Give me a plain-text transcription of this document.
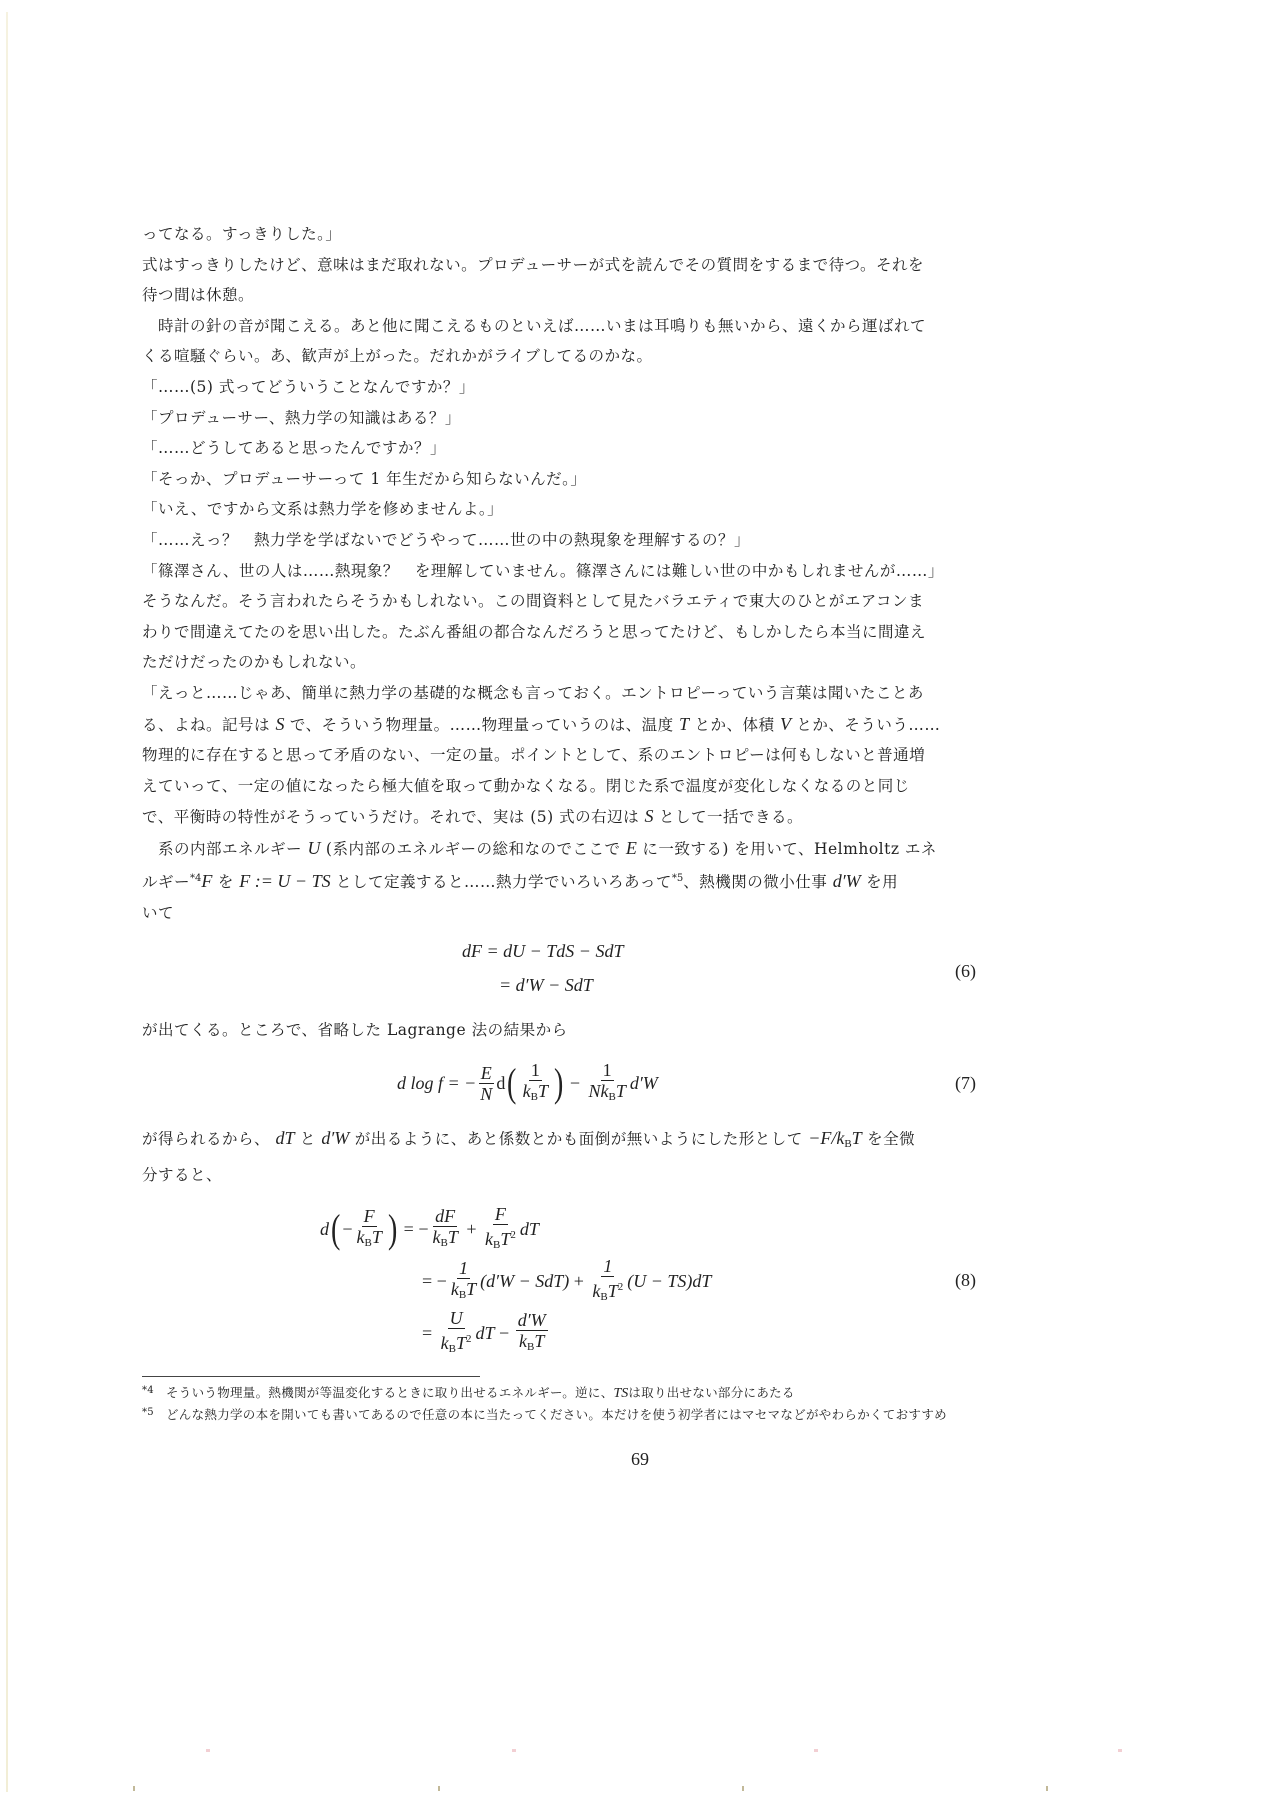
ってなる。すっきりした。」

式はすっきりしたけど、意味はまだ取れない。プロデューサーが式を読んでその質問をするまで待つ。それを

待つ間は休憩。

時計の針の音が聞こえる。あと他に聞こえるものといえば……いまは耳鳴りも無いから、遠くから運ばれて

くる喧騒ぐらい。あ、歓声が上がった。だれかがライブしてるのかな。

「……(5) 式ってどういうことなんですか？」

「プロデューサー、熱力学の知識はある？」

「……どうしてあると思ったんですか？」

「そっか、プロデューサーって 1 年生だから知らないんだ。」

「いえ、ですから文系は熱力学を修めませんよ。」

「……えっ？　熱力学を学ばないでどうやって……世の中の熱現象を理解するの？」

「篠澤さん、世の人は……熱現象？　を理解していません。篠澤さんには難しい世の中かもしれませんが……」

そうなんだ。そう言われたらそうかもしれない。この間資料として見たバラエティで東大のひとがエアコンま

わりで間違えてたのを思い出した。たぶん番組の都合なんだろうと思ってたけど、もしかしたら本当に間違え

ただけだったのかもしれない。

「えっと……じゃあ、簡単に熱力学の基礎的な概念も言っておく。エントロピーっていう言葉は聞いたことあ

る、よね。記号は S で、そういう物理量。……物理量っていうのは、温度 T とか、体積 V とか、そういう……

物理的に存在すると思って矛盾のない、一定の量。ポイントとして、系のエントロピーは何もしないと普通増

えていって、一定の値になったら極大値を取って動かなくなる。閉じた系で温度が変化しなくなるのと同じ

で、平衡時の特性がそうっていうだけ。それで、実は (5) 式の右辺は S として一括できる。

系の内部エネルギー U (系内部のエネルギーの総和なのでここで E に一致する) を用いて、Helmholtz エネ

ルギー$^{*4}$F を F := U − TS として定義すると……熱力学でいろいろあって$^{*5}$、熱機関の微小仕事 d′W を用

いて

dF = dU − TdS − SdT
= d′W − SdT
(6)

が出てくる。ところで、省略した Lagrange 法の結果から

d log f = − $\frac{E}{N}$ d ( $\frac{1}{k_BT}$ ) − $\frac{1}{Nk_BT} d'W$	(7)

が得られるから、 dT と d′W が出るように、あと係数とかも面倒が無いようにした形として $-F/k_BT$ を全微

分すると、

d ( − $\frac{F}{k_BT}$ ) = − $\frac{dF}{k_BT} + \frac{F}{k_BT^2}$ dT
= − $\frac{1}{k_BT} (d'W - SdT) + \frac{1}{k_BT^2} (U - TS)dT$
= $\frac{U}{k_BT^2}$ dT − $\frac{d'W}{k_BT}$
(8)
*4 そういう物理量。熱機関が等温変化するときに取り出せるエネルギー。逆に、TSは取り出せない部分にあたる
*5 どんな熱力学の本を開いても書いてあるので任意の本に当たってください。本だけを使う初学者にはマセマなどがやわらかくておすすめ
69
